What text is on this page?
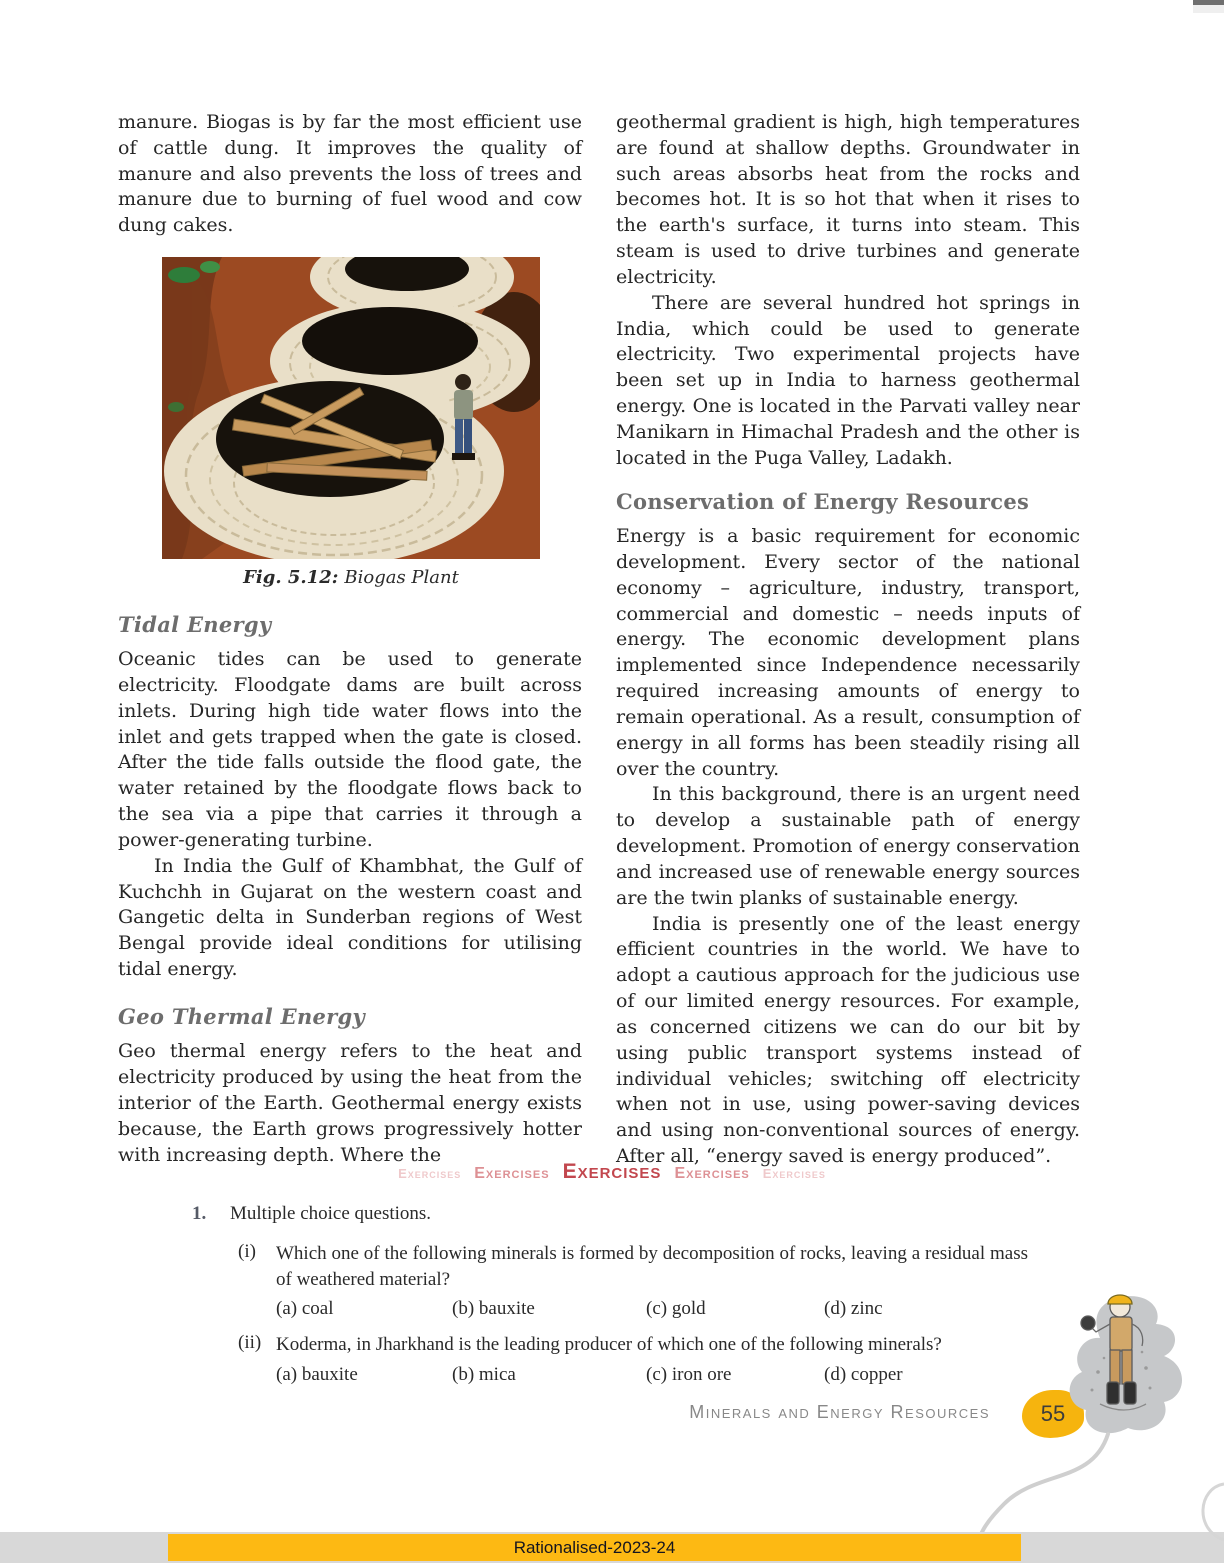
manure. Biogas is by far the most efficient use of cattle dung. It improves the quality of manure and also prevents the loss of trees and manure due to burning of fuel wood and cow dung cakes.

Fig. 5.12: Biogas Plant
Tidal Energy

Oceanic tides can be used to generate electricity. Floodgate dams are built across inlets. During high tide water flows into the inlet and gets trapped when the gate is closed. After the tide falls outside the flood gate, the water retained by the floodgate flows back to the sea via a pipe that carries it through a power-generating turbine.

In India the Gulf of Khambhat, the Gulf of Kuchchh in Gujarat on the western coast and Gangetic delta in Sunderban regions of West Bengal provide ideal conditions for utilising tidal energy.

Geo Thermal Energy

Geo thermal energy refers to the heat and electricity produced by using the heat from the interior of the Earth. Geothermal energy exists because, the Earth grows progressively hotter with increasing depth. Where the

geothermal gradient is high, high temperatures are found at shallow depths. Groundwater in such areas absorbs heat from the rocks and becomes hot. It is so hot that when it rises to the earth's surface, it turns into steam. This steam is used to drive turbines and generate electricity.

There are several hundred hot springs in India, which could be used to generate electricity. Two experimental projects have been set up in India to harness geothermal energy. One is located in the Parvati valley near Manikarn in Himachal Pradesh and the other is located in the Puga Valley, Ladakh.

Conservation of Energy Resources

Energy is a basic requirement for economic development. Every sector of the national economy – agriculture, industry, transport, commercial and domestic – needs inputs of energy. The economic development plans implemented since Independence necessarily required increasing amounts of energy to remain operational. As a result, consumption of energy in all forms has been steadily rising all over the country.

In this background, there is an urgent need to develop a sustainable path of energy development. Promotion of energy conservation and increased use of renewable energy sources are the twin planks of sustainable energy.

India is presently one of the least energy efficient countries in the world. We have to adopt a cautious approach for the judicious use of our limited energy resources. For example, as concerned citizens we can do our bit by using public transport systems instead of individual vehicles; switching off electricity when not in use, using power-saving devices and using non-conventional sources of energy. After all, “energy saved is energy produced”.

Exercises Exercises Exercises Exercises Exercises
1.	Multiple choice questions.
(i)	Which one of the following minerals is formed by decomposition of rocks, leaving a residual mass of weathered material?
(a) coal	(b) bauxite	(c) gold	(d) zinc
(ii) Koderma, in Jharkhand is the leading producer of which one of the following minerals?
(a) bauxite	(b) mica	(c) iron ore	(d) copper
Minerals and Energy Resources 55
Rationalised-2023-24
